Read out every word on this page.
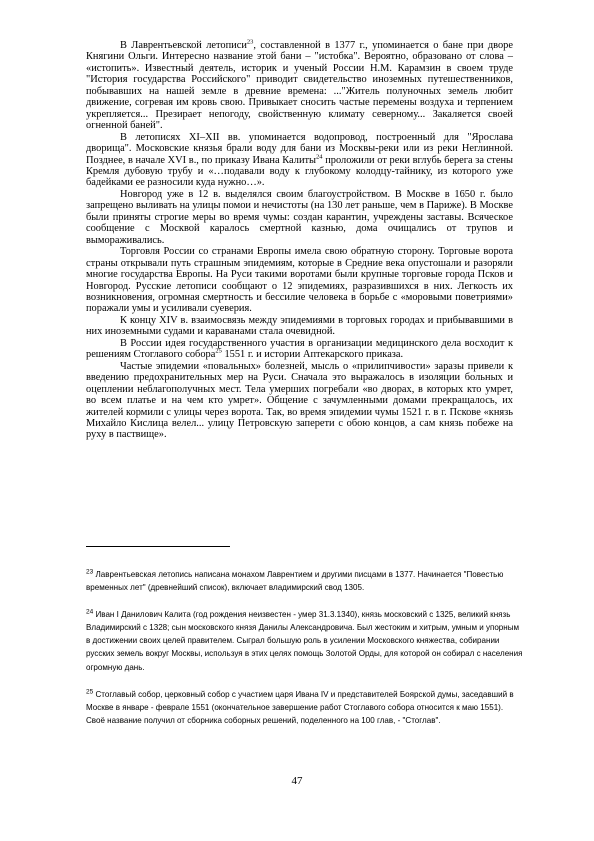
В Лаврентьевской летописи$^{23}$, составленной в 1377 г., упоминается о бане при дворе Княгини Ольги. Интересно название этой бани – "истобка". Вероятно, образовано от слова – «истопить». Известный деятель, историк и ученый России Н.М. Карамзин в своем труде "История государства Российского" приводит свидетельство иноземных путешественников, побывавших на нашей земле в древние времена: ..."Житель полуночных земель любит движение, согревая им кровь свою. Привыкает сносить частые перемены воздуха и терпением укрепляется... Презирает непогоду, свойственную климату северному... Закаляется своей огненной баней".

В летописях XI–XII вв. упоминается водопровод, построенный для "Ярослава дворища". Московские князья брали воду для бани из Москвы-реки или из реки Неглинной. Позднее, в начале XVI в., по приказу Ивана Калиты$^{24}$ проложили от реки вглубь берега за стены Кремля дубовую трубу и «…подавали воду к глубокому колодцу-тайнику, из которого уже бадейками ее разносили куда нужно…».

Новгород уже в 12 в. выделялся своим благоустройством. В Москве в 1650 г. было запрещено выливать на улицы помои и нечистоты (на 130 лет раньше, чем в Париже). В Москве были приняты строгие меры во время чумы: создан карантин, учреждены заставы. Всяческое сообщение с Москвой каралось смертной казнью, дома очищались от трупов и вымораживались.

Торговля России со странами Европы имела свою обратную сторону. Торговые ворота страны открывали путь страшным эпидемиям, которые в Средние века опустошали и разоряли многие государства Европы. На Руси такими воротами были крупные торговые города Псков и Новгород. Русские летописи сообщают о 12 эпидемиях, разразившихся в них. Легкость их возникновения, огромная смертность и бессилие человека в борьбе с «моровыми поветриями» поражали умы и усиливали суеверия.

К концу XIV в. взаимосвязь между эпидемиями в торговых городах и прибывавшими в них иноземными судами и караванами стала очевидной.

В России идея государственного участия в организации медицинского дела восходит к решениям Стоглавого собора$^{25}$ 1551 г. и истории Аптекарского приказа.

Частые эпидемии «повальных» болезней, мысль о «прилипчивости» заразы привели к введению предохранительных мер на Руси. Сначала это выражалось в изоляции больных и оцеплении неблагополучных мест. Тела умерших погребали «во дворах, в которых кто умрет, во всем платье и на чем кто умрет». Общение с зачумленными домами прекращалось, их жителей кормили с улицы через ворота. Так, во время эпидемии чумы 1521 г. в г. Пскове «князь Михайло Кислица велел... улицу Петровскую заперети с обою концов, а сам князь побеже на руху в паствище».

$^{23}$ Лаврентьевская летопись написана монахом Лаврентием и другими писцами в 1377. Начинается "Повестью временных лет" (древнейший список), включает владимирский свод 1305.

$^{24}$ Иван I Данилович Калита (год рождения неизвестен - умер 31.3.1340), князь московский с 1325, великий князь Владимирский с 1328; сын московского князя Данилы Александровича. Был жестоким и хитрым, умным и упорным в достижении своих целей правителем. Сыграл большую роль в усилении Московского княжества, собирании русских земель вокруг Москвы, используя в этих целях помощь Золотой Орды, для которой он собирал с населения огромную дань.

$^{25}$ Стоглавый собор, церковный собор с участием царя Ивана IV и представителей Боярской думы, заседавший в Москве в январе - феврале 1551 (окончательное завершение работ Стоглавого собора относится к маю 1551). Своё название получил от сборника соборных решений, поделенного на 100 глав, - "Стоглав".

47
